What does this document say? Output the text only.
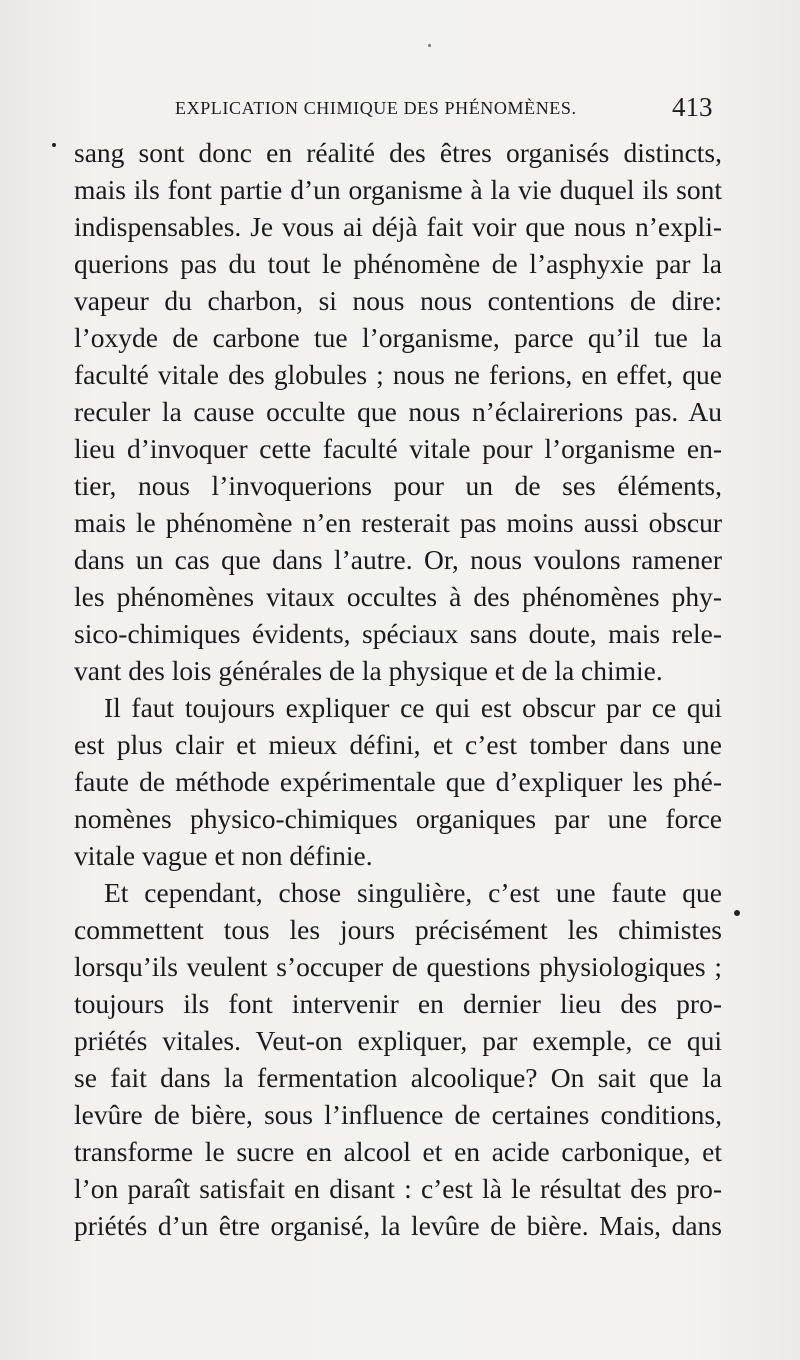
EXPLICATION CHIMIQUE DES PHÉNOMÈNES.	413
sang sont donc en réalité des êtres organisés distincts,
mais ils font partie d’un organisme à la vie duquel ils sont
indispensables. Je vous ai déjà fait voir que nous n’expli-
querions pas du tout le phénomène de l’asphyxie par la
vapeur du charbon, si nous nous contentions de dire:
l’oxyde de carbone tue l’organisme, parce qu’il tue la
faculté vitale des globules ; nous ne ferions, en effet, que
reculer la cause occulte que nous n’éclairerions pas. Au
lieu d’invoquer cette faculté vitale pour l’organisme en-
tier, nous l’invoquerions pour un de ses éléments,
mais le phénomène n’en resterait pas moins aussi obscur
dans un cas que dans l’autre. Or, nous voulons ramener
les phénomènes vitaux occultes à des phénomènes phy-
sico-chimiques évidents, spéciaux sans doute, mais rele-
vant des lois générales de la physique et de la chimie.
Il faut toujours expliquer ce qui est obscur par ce qui
est plus clair et mieux défini, et c’est tomber dans une
faute de méthode expérimentale que d’expliquer les phé-
nomènes physico-chimiques organiques par une force
vitale vague et non définie.
Et cependant, chose singulière, c’est une faute que
commettent tous les jours précisément les chimistes
lorsqu’ils veulent s’occuper de questions physiologiques ;
toujours ils font intervenir en dernier lieu des pro-
priétés vitales. Veut-on expliquer, par exemple, ce qui
se fait dans la fermentation alcoolique? On sait que la
levûre de bière, sous l’influence de certaines conditions,
transforme le sucre en alcool et en acide carbonique, et
l’on paraît satisfait en disant : c’est là le résultat des pro-
priétés d’un être organisé, la levûre de bière. Mais, dans
